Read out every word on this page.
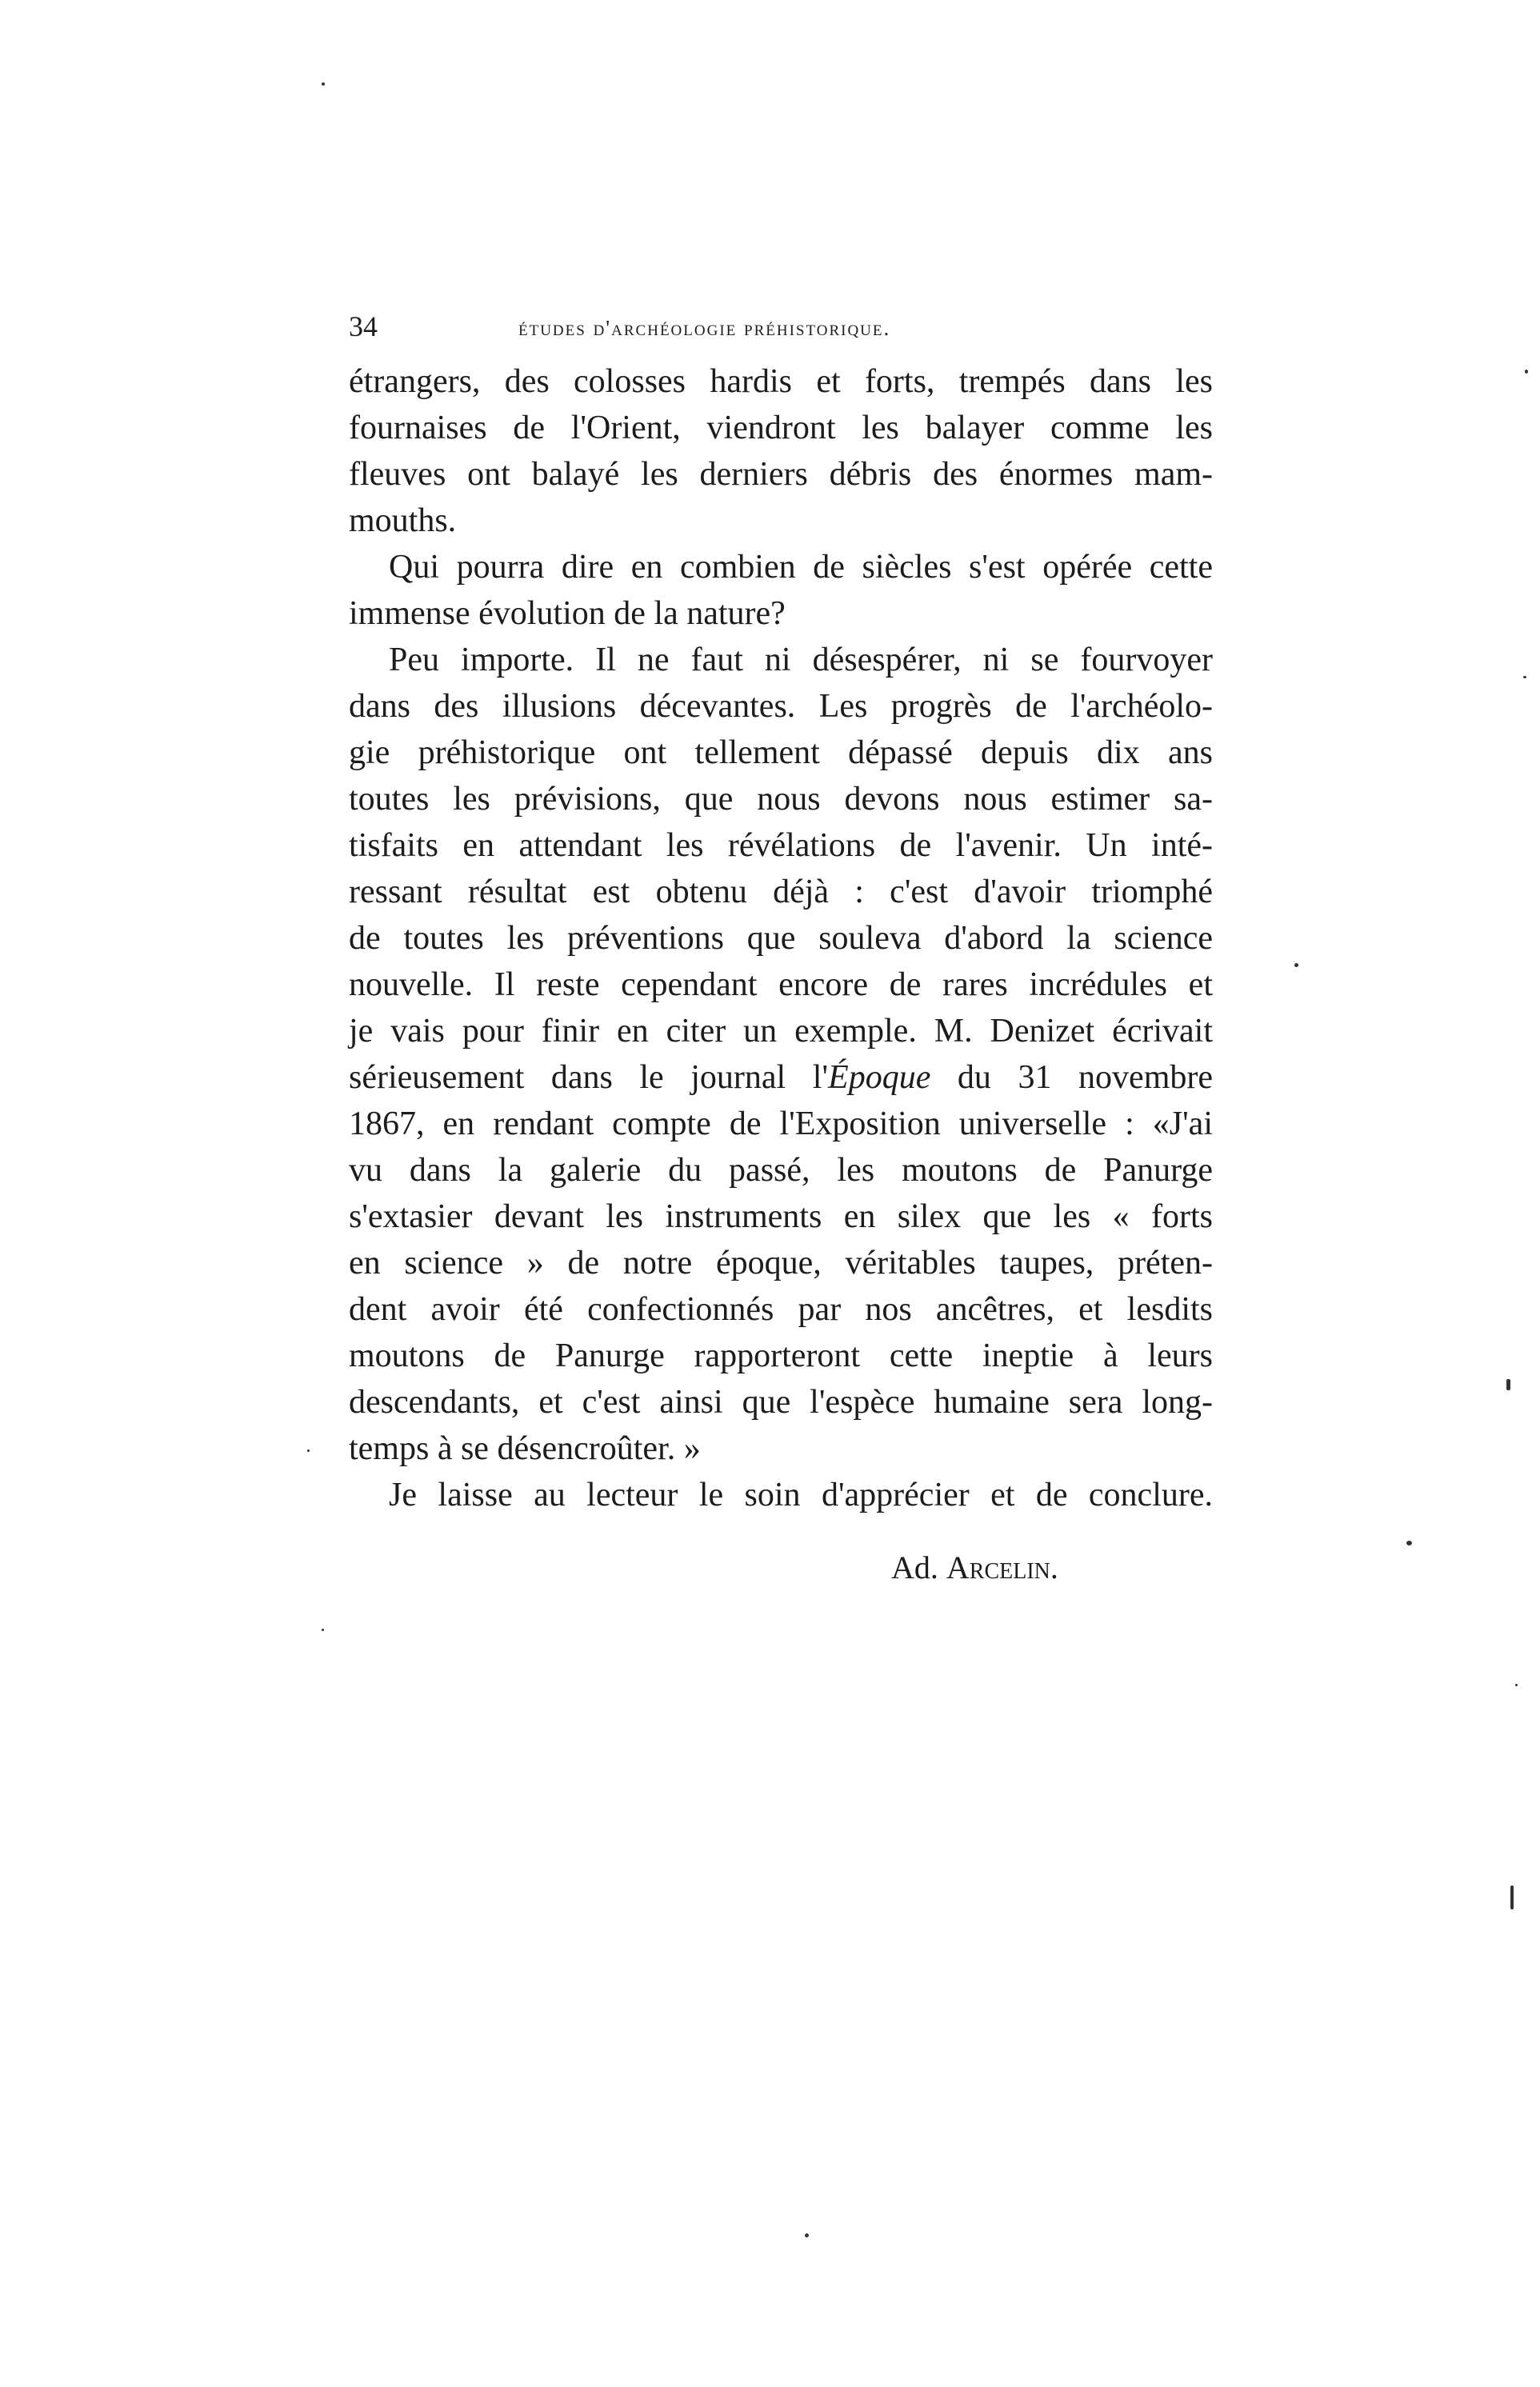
34	études d'archéologie préhistorique.
étrangers, des colosses hardis et forts, trempés dans les
fournaises de l'Orient, viendront les balayer comme les
fleuves ont balayé les derniers débris des énormes mam-
mouths.
Qui pourra dire en combien de siècles s'est opérée cette
immense évolution de la nature?
Peu importe. Il ne faut ni désespérer, ni se fourvoyer
dans des illusions décevantes. Les progrès de l'archéolo-
gie préhistorique ont tellement dépassé depuis dix ans
toutes les prévisions, que nous devons nous estimer sa-
tisfaits en attendant les révélations de l'avenir. Un inté-
ressant résultat est obtenu déjà : c'est d'avoir triomphé
de toutes les préventions que souleva d'abord la science
nouvelle. Il reste cependant encore de rares incrédules et
je vais pour finir en citer un exemple. M. Denizet écrivait
sérieusement dans le journal l'Époque du 31 novembre
1867, en rendant compte de l'Exposition universelle : «J'ai
vu dans la galerie du passé, les moutons de Panurge
s'extasier devant les instruments en silex que les « forts
en science » de notre époque, véritables taupes, préten-
dent avoir été confectionnés par nos ancêtres, et lesdits
moutons de Panurge rapporteront cette ineptie à leurs
descendants, et c'est ainsi que l'espèce humaine sera long-
temps à se désencroûter. »
Je laisse au lecteur le soin d'apprécier et de conclure.
Ad. Arcelin.
